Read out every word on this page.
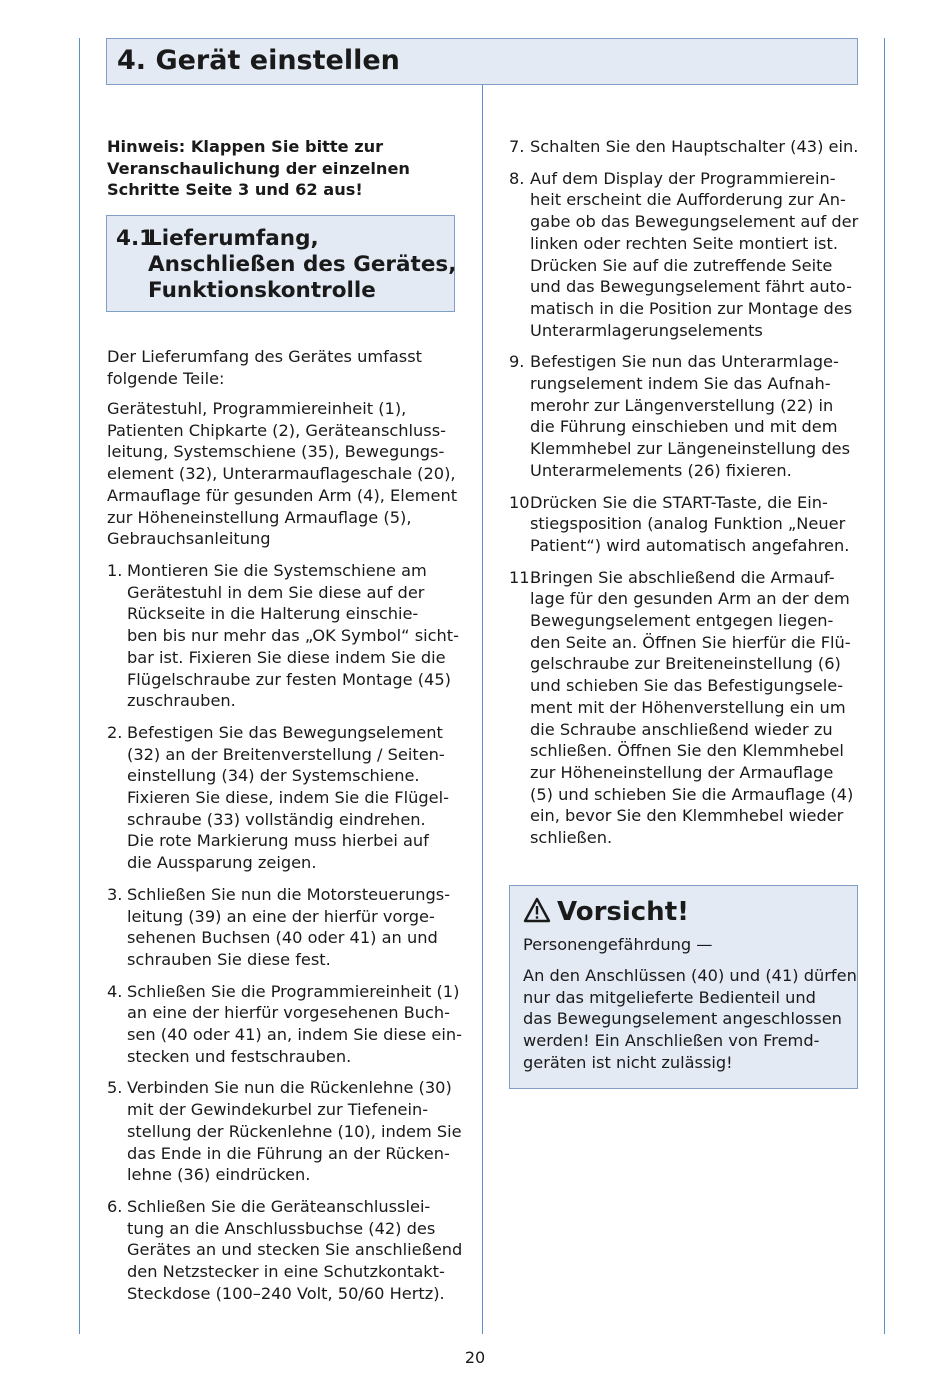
4. Gerät einstellen
Hinweis: Klappen Sie bitte zur
Veranschaulichung der einzelnen
Schritte Seite 3 und 62 aus!
4.1
Lieferumfang,
Anschließen des Gerätes,
Funktionskontrolle
Der Lieferumfang des Gerätes umfasst
folgende Teile:
Gerätestuhl, Programmiereinheit (1),
Patienten Chipkarte (2), Geräteanschluss-
leitung, Systemschiene (35), Bewegungs-
element (32), Unterarmauflageschale (20),
Armauflage für gesunden Arm (4), Element
zur Höheneinstellung Armauflage (5),
Gebrauchsanleitung
1. Montieren Sie die Systemschiene am
Gerätestuhl in dem Sie diese auf der
Rückseite in die Halterung einschie-
ben bis nur mehr das „OK Symbol“ sicht-
bar ist. Fixieren Sie diese indem Sie die
Flügelschraube zur festen Montage (45)
zuschrauben.
2. Befestigen Sie das Bewegungselement
(32) an der Breitenverstellung / Seiten-
einstellung (34) der Systemschiene.
Fixieren Sie diese, indem Sie die Flügel-
schraube (33) vollständig eindrehen.
Die rote Markierung muss hierbei auf
die Aussparung zeigen.
3. Schließen Sie nun die Motorsteuerungs-
leitung (39) an eine der hierfür vorge-
sehenen Buchsen (40 oder 41) an und
schrauben Sie diese fest.
4. Schließen Sie die Programmiereinheit (1)
an eine der hierfür vorgesehenen Buch-
sen (40 oder 41) an, indem Sie diese ein-
stecken und festschrauben.
5. Verbinden Sie nun die Rückenlehne (30)
mit der Gewindekurbel zur Tiefenein-
stellung der Rückenlehne (10), indem Sie
das Ende in die Führung an der Rücken-
lehne (36) eindrücken.
6. Schließen Sie die Geräteanschlusslei-
tung an die Anschlussbuchse (42) des
Gerätes an und stecken Sie anschließend
den Netzstecker in eine Schutzkontakt-
Steckdose (100–240 Volt, 50/60 Hertz).
7. Schalten Sie den Hauptschalter (43) ein.
8. Auf dem Display der Programmierein-
heit erscheint die Aufforderung zur An-
gabe ob das Bewegungselement auf der
linken oder rechten Seite montiert ist.
Drücken Sie auf die zutreffende Seite
und das Bewegungselement fährt auto-
matisch in die Position zur Montage des
Unterarmlagerungselements
9. Befestigen Sie nun das Unterarmlage-
rungselement indem Sie das Aufnah-
merohr zur Längenverstellung (22) in
die Führung einschieben und mit dem
Klemmhebel zur Längeneinstellung des
Unterarmelements (26) fixieren.
10.
Drücken Sie die START-Taste, die Ein-
stiegsposition (analog Funktion „Neuer
Patient“) wird automatisch angefahren.
11.
Bringen Sie abschließend die Armauf-
lage für den gesunden Arm an der dem
Bewegungselement entgegen liegen-
den Seite an. Öffnen Sie hierfür die Flü-
gelschraube zur Breiteneinstellung (6)
und schieben Sie das Befestigungsele-
ment mit der Höhenverstellung ein um
die Schraube anschließend wieder zu
schließen. Öffnen Sie den Klemmhebel
zur Höheneinstellung der Armauflage
(5) und schieben Sie die Armauflage (4)
ein, bevor Sie den Klemmhebel wieder
schließen.
Vorsicht!
Personengefährdung —
An den Anschlüssen (40) und (41) dürfen
nur das mitgelieferte Bedienteil und
das Bewegungselement angeschlossen
werden! Ein Anschließen von Fremd-
geräten ist nicht zulässig!
20
